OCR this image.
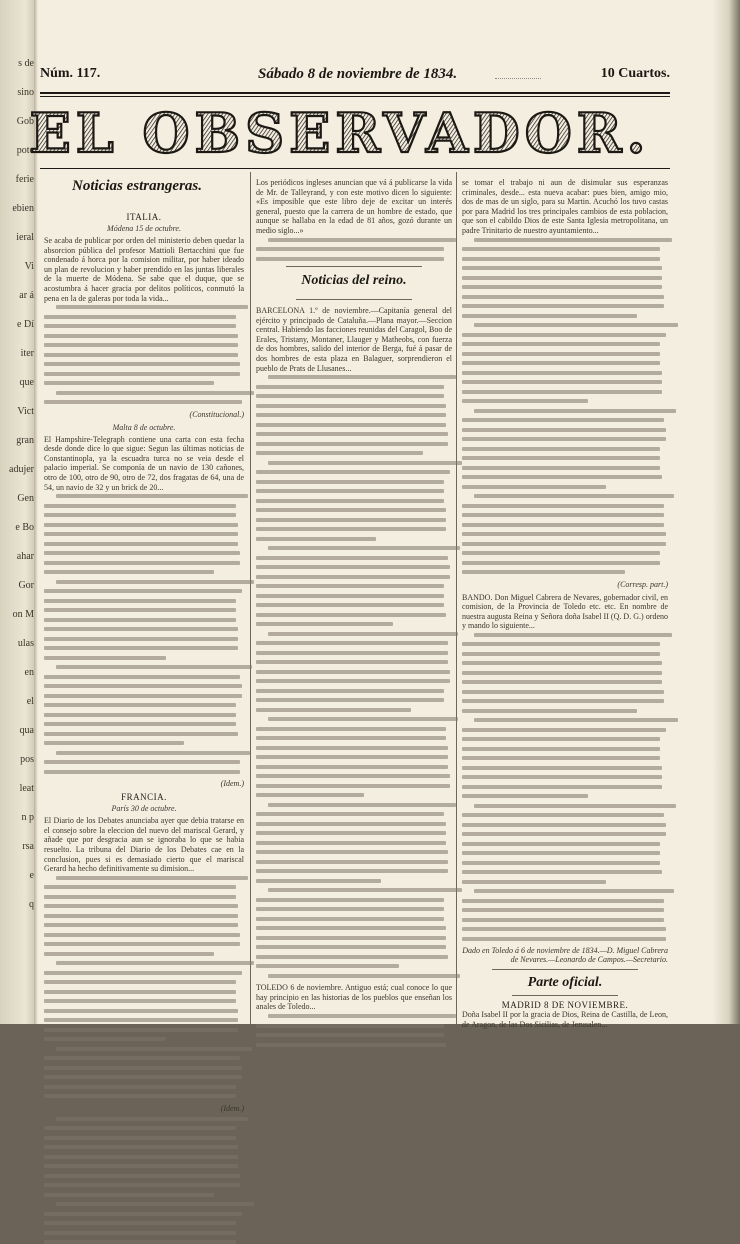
s de
sino
Gob
pote
ferie
ebien
ieral
Vi
ar á
e Dí
iter
que
Vict
gran
adujer
Gen
e Bo
ahar
Gor
on M
ulas
en
el
qua
pos
leat
n p
rsa
e
q
Núm. 117.	Sábado 8 de noviembre de 1834.	10 Cuartos.
EL OBSERVADOR.
Noticias estrangeras.
ITALIA.
Módena 15 de octubre.
Se acaba de publicar por orden del ministerio deben quedar la absorcion pública del profesor Mattioli Bertacchini que fue condenado á horca por la comision militar, por haber ideado un plan de revolucion y haber prendido en las juntas liberales de la muerte de Módena. Se sabe que el duque, que se acostumbra á hacer gracia por delitos políticos, conmutó la pena en la de galeras por toda la vida...
(Constitucional.)
Malta 8 de octubre.
El Hampshire-Telegraph contiene una carta con esta fecha desde donde dice lo que sigue: Segun las últimas noticias de Constantinopla, ya la escuadra turca no se veia desde el palacio imperial. Se componía de un navio de 130 cañones, otro de 100, otro de 90, otro de 72, dos fragatas de 64, una de 54, un navio de 32 y un brick de 20...
(Idem.)
FRANCIA.
París 30 de octubre.
El Diario de los Debates anunciaba ayer que debia tratarse en el consejo sobre la eleccion del nuevo del mariscal Gerard, y añade que por desgracia aun se ignoraba lo que se habia resuelto. La tribuna del Diario de los Debates cae en la conclusion, pues si es demasiado cierto que el mariscal Gerard ha hecho definitivamente su dimision...
(Idem.)
Los periódicos ingleses anuncian que vá á publicarse la vida de Mr. de Talleyrand, y con este motivo dicen lo siguiente: «Es imposible que este libro deje de excitar un interés general, puesto que la carrera de un hombre de estado, que aunque se hallaba en la edad de 81 años, gozó durante un medio siglo...»
Noticias del reino.
BARCELONA 1.º de noviembre.—Capitanía general del ejército y principado de Cataluña.—Plana mayor.—Seccion central. Habiendo las facciones reunidas del Caragol, Boo de Erales, Tristany, Montaner, Llauger y Matheobs, con fuerza de dos hombres, salido del interior de Berga, fué á pasar de dos hombres de esta plaza en Balaguer, sorprendieron el pueblo de Prats de Llusanes...
TOLEDO 6 de noviembre. Antiguo está; cual conoce lo que hay principio en las historias de los pueblos que enseñan los anales de Toledo...
se tomar el trabajo ni aun de disimular sus esperanzas criminales, desde... esta nueva acabar: pues bien, amigo mio, dos de mas de un siglo, para su Martin. Acuchó los tuvo castas por para Madrid los tres principales cambios de esta poblacion, que son el cabildo Dios de este Santa Iglesia metropolitana, un padre Trinitario de nuestro ayuntamiento...
(Corresp. part.)
BANDO. Don Miguel Cabrera de Nevares, gobernador civil, en comision, de la Provincia de Toledo etc. etc. En nombre de nuestra augusta Reina y Señora doña Isabel II (Q. D. G.) ordeno y mando lo siguiente...
Dado en Toledo á 6 de noviembre de 1834.—D. Miguel Cabrera de Nevares.—Leonardo de Campos.—Secretario.
Parte oficial.
MADRID 8 DE NOVIEMBRE.
Doña Isabel II por la gracia de Dios, Reina de Castilla, de Leon, de Aragon, de las Dos Sicilias, de Jerusalen...
